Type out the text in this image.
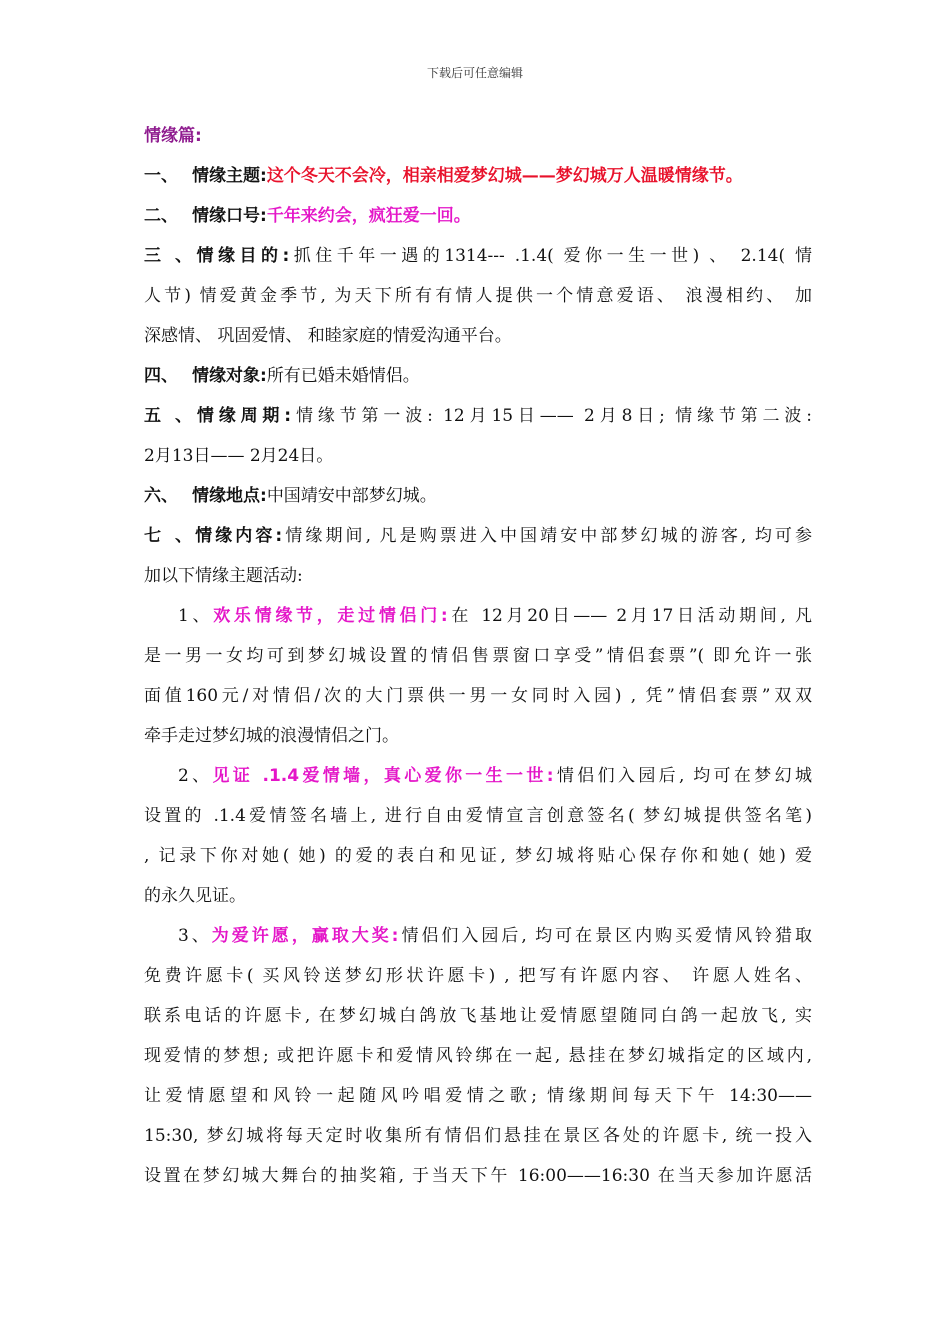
下载后可任意编辑
情缘篇:
一、 情缘主题:这个冬天不会冷，相亲相爱梦幻城——梦幻城万人温暖情缘节。
二、 情缘口号:千年来约会，疯狂爱一回。
三、情缘目的:抓住千年一遇的1314--- .1.4( 爱你一生一世) 、 2.14( 情
人节) 情爱黄金季节, 为天下所有有情人提供一个情意爱语、 浪漫相约、 加
深感情、 巩固爱情、 和睦家庭的情爱沟通平台。
四、 情缘对象:所有已婚未婚情侣。
五、情缘周期:情缘节第一波: 12月15日—— 2月8日; 情缘节第二波:
2月13日—— 2月24日。
六、 情缘地点:中国靖安中部梦幻城。
七、情缘内容:情缘期间, 凡是购票进入中国靖安中部梦幻城的游客, 均可参
加以下情缘主题活动:
1、欢乐情缘节，走过情侣门:在 12月20日—— 2月17日活动期间, 凡
是一男一女均可到梦幻城设置的情侣售票窗口享受”情侣套票”( 即允许一张
面值160元/对情侣/次的大门票供一男一女同时入园) , 凭”情侣套票”双双
牵手走过梦幻城的浪漫情侣之门。
2、见证 .1.4爱情墙，真心爱你一生一世:情侣们入园后, 均可在梦幻城
设置的 .1.4爱情签名墙上, 进行自由爱情宣言创意签名( 梦幻城提供签名笔)
, 记录下你对她( 她) 的爱的表白和见证, 梦幻城将贴心保存你和她( 她) 爱
的永久见证。
3、为爱许愿，赢取大奖:情侣们入园后, 均可在景区内购买爱情风铃猎取
免费许愿卡( 买风铃送梦幻形状许愿卡) , 把写有许愿内容、 许愿人姓名、
联系电话的许愿卡, 在梦幻城白鸽放飞基地让爱情愿望随同白鸽一起放飞, 实
现爱情的梦想; 或把许愿卡和爱情风铃绑在一起, 悬挂在梦幻城指定的区域内,
让爱情愿望和风铃一起随风吟唱爱情之歌; 情缘期间每天下午 14:30——
15:30, 梦幻城将每天定时收集所有情侣们悬挂在景区各处的许愿卡, 统一投入
设置在梦幻城大舞台的抽奖箱, 于当天下午 16:00——16:30 在当天参加许愿活
